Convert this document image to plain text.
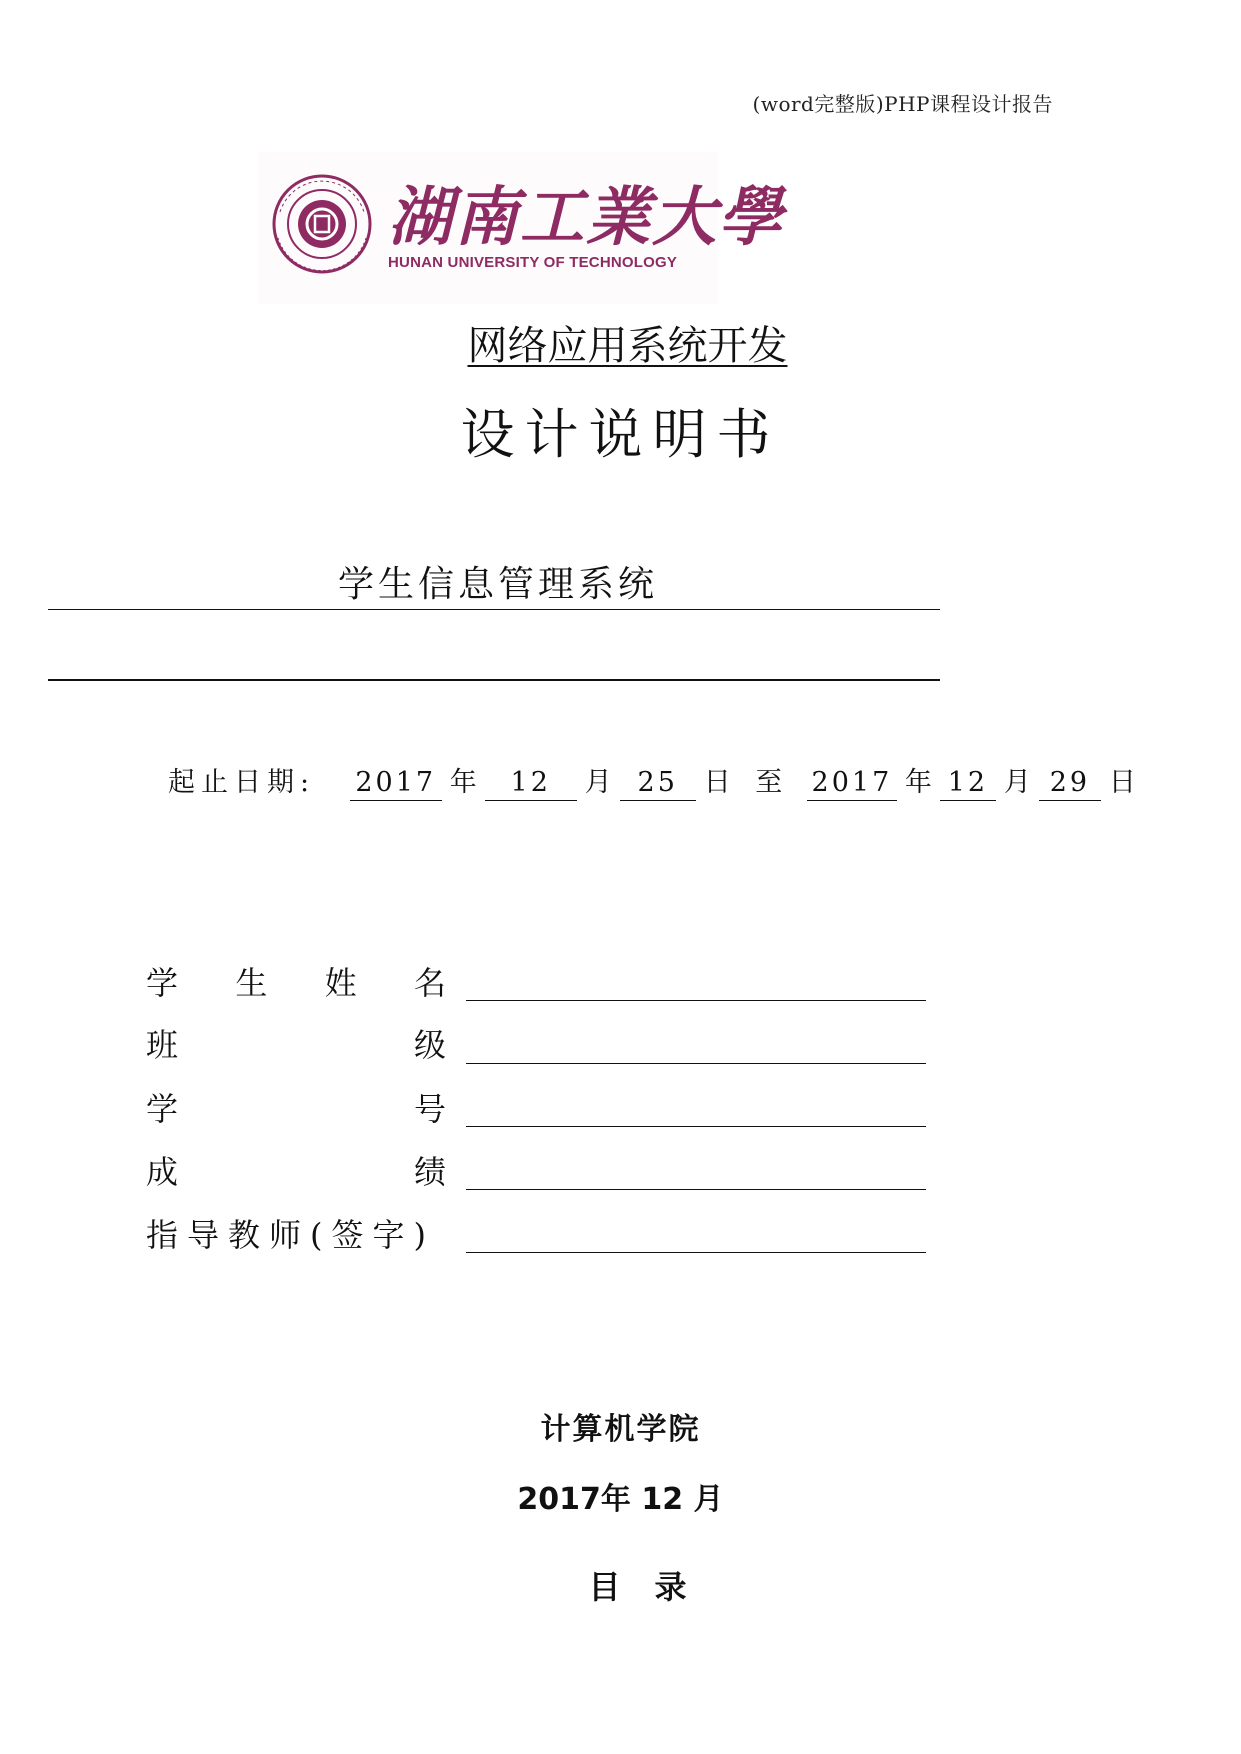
(word完整版)PHP课程设计报告
湖南工業大學
HUNAN UNIVERSITY OF TECHNOLOGY
网络应用系统开发
设计说明书
学生信息管理系统
起止日期: 2017 年 12 月 25 日 至 2017 年 12 月 29 日
学 生 姓 名
班	级
学	号
成	绩
指导教师(签字)
计算机学院
2017年 12 月
目录
